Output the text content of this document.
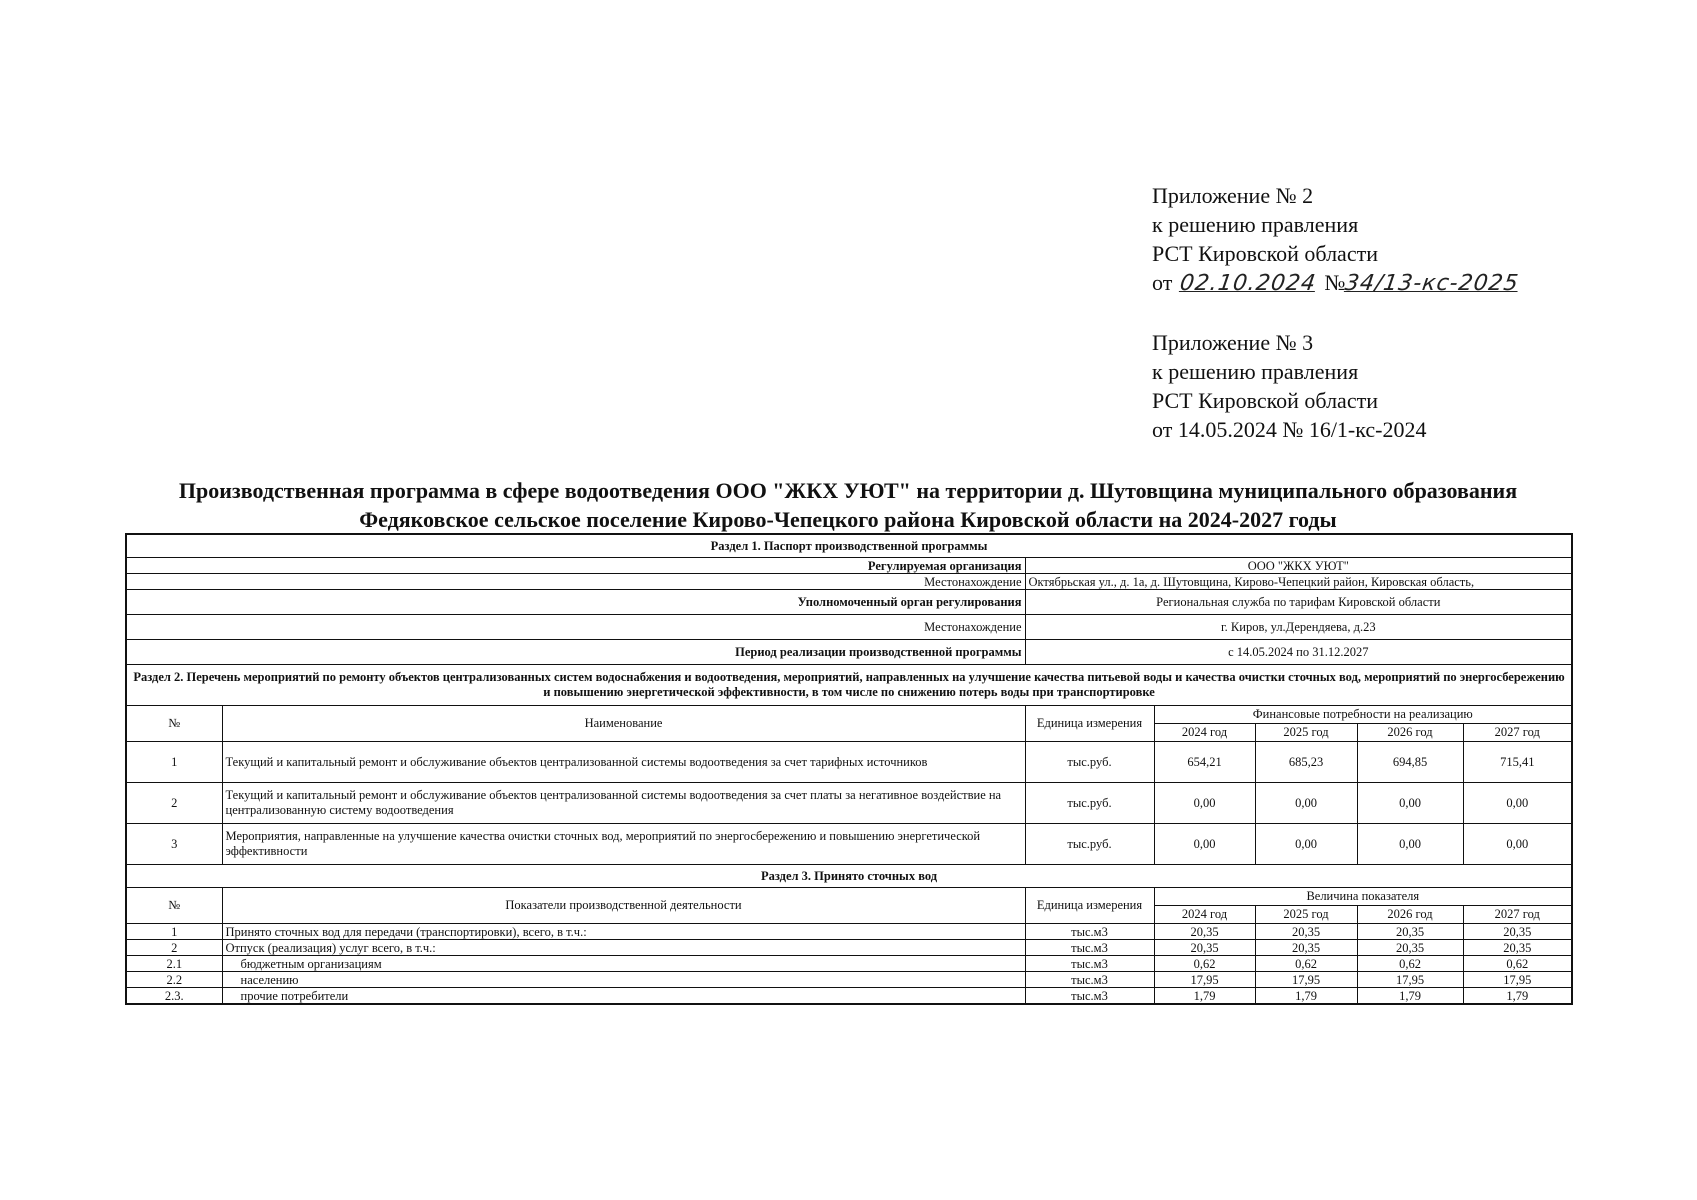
Приложение № 2
к решению правления
РСТ Кировской области
от 02.10.2024 №34/13-кс-2025
Приложение № 3
к решению правления
РСТ Кировской области
от 14.05.2024 № 16/1-кс-2024
Производственная программа в сфере водоотведения ООО "ЖКХ УЮТ" на территории д. Шутовщина муниципального образования Федяковское сельское поселение Кирово-Чепецкого района Кировской области на 2024-2027 годы
Раздел 1. Паспорт производственной программы						
Регулируемая организация		ООО "ЖКХ УЮТ"				
Местонахождение		Октябрьская ул., д. 1а, д. Шутовщина, Кирово-Чепецкий район, Кировская область,				
Уполномоченный орган регулирования		Региональная служба по тарифам Кировской области				
Местонахождение		г. Киров, ул.Дерендяева, д.23				
Период реализации производственной программы		с 14.05.2024 по 31.12.2027				
Раздел 2. Перечень мероприятий по ремонту объектов централизованных систем водоснабжения и водоотведения, мероприятий, направленных на улучшение качества питьевой воды и качества очистки сточных вод, мероприятий по энергосбережению и повышению энергетической эффективности, в том числе по снижению потерь воды при транспортировке						
№	Наименование	Единица измерения	Финансовые потребности на реализацию			
			2024 год	2025 год	2026 год	2027 год
1	Текущий и капитальный ремонт и обслуживание объектов централизованной системы водоотведения за счет тарифных источников	тыс.руб.	654,21	685,23	694,85	715,41
2	Текущий и капитальный ремонт и обслуживание объектов централизованной системы водоотведения за счет платы за негативное воздействие на централизованную систему водоотведения	тыс.руб.	0,00	0,00	0,00	0,00
3	Мероприятия, направленные на улучшение качества очистки сточных вод, мероприятий по энергосбережению и повышению энергетической эффективности	тыс.руб.	0,00	0,00	0,00	0,00
Раздел 3. Принято сточных вод						
№	Показатели производственной деятельности	Единица измерения	Величина показателя			
			2024 год	2025 год	2026 год	2027 год
1	Принято сточных вод для передачи (транспортировки), всего, в т.ч.:	тыс.м3	20,35	20,35	20,35	20,35
2	Отпуск (реализация) услуг всего, в т.ч.:	тыс.м3	20,35	20,35	20,35	20,35
2.1	бюджетным организациям	тыс.м3	0,62	0,62	0,62	0,62
2.2	населению	тыс.м3	17,95	17,95	17,95	17,95
2.3.	прочие потребители	тыс.м3	1,79	1,79	1,79	1,79
